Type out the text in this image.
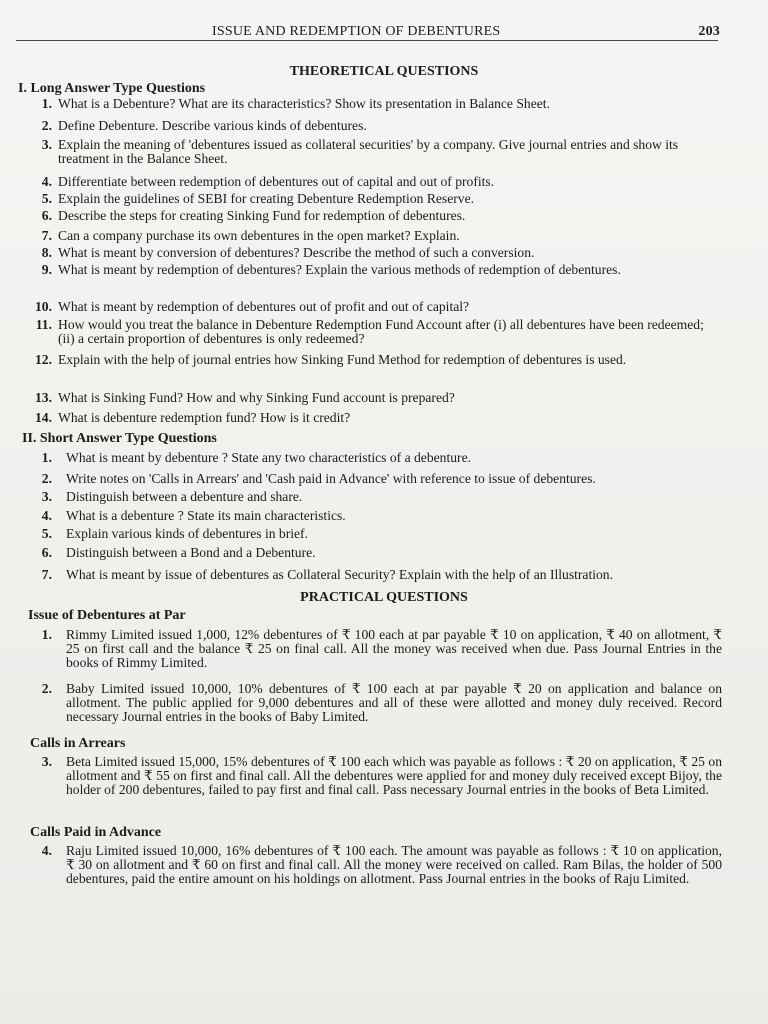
ISSUE AND REDEMPTION OF DEBENTURES	203
THEORETICAL QUESTIONS
I. Long Answer Type Questions
1. What is a Debenture? What are its characteristics? Show its presentation in Balance Sheet.
2. Define Debenture. Describe various kinds of debentures.
3. Explain the meaning of 'debentures issued as collateral securities' by a company. Give journal entries and show its treatment in the Balance Sheet.
4. Differentiate between redemption of debentures out of capital and out of profits.
5. Explain the guidelines of SEBI for creating Debenture Redemption Reserve.
6. Describe the steps for creating Sinking Fund for redemption of debentures.
7. Can a company purchase its own debentures in the open market? Explain.
8. What is meant by conversion of debentures? Describe the method of such a conversion.
9. What is meant by redemption of debentures? Explain the various methods of redemption of debentures.
10. What is meant by redemption of debentures out of profit and out of capital?
11. How would you treat the balance in Debenture Redemption Fund Account after (i) all debentures have been redeemed; (ii) a certain proportion of debentures is only redeemed?
12. Explain with the help of journal entries how Sinking Fund Method for redemption of debentures is used.
13. What is Sinking Fund? How and why Sinking Fund account is prepared?
14. What is debenture redemption fund? How is it credit?
II. Short Answer Type Questions
1. What is meant by debenture ? State any two characteristics of a debenture.
2. Write notes on 'Calls in Arrears' and 'Cash paid in Advance' with reference to issue of debentures.
3. Distinguish between a debenture and share.
4. What is a debenture ? State its main characteristics.
5. Explain various kinds of debentures in brief.
6. Distinguish between a Bond and a Debenture.
7. What is meant by issue of debentures as Collateral Security? Explain with the help of an Illustration.
PRACTICAL QUESTIONS
Issue of Debentures at Par
1. Rimmy Limited issued 1,000, 12% debentures of ₹ 100 each at par payable ₹ 10 on application, ₹ 40 on allotment, ₹ 25 on first call and the balance ₹ 25 on final call. All the money was received when due. Pass Journal Entries in the books of Rimmy Limited.
2. Baby Limited issued 10,000, 10% debentures of ₹ 100 each at par payable ₹ 20 on application and balance on allotment. The public applied for 9,000 debentures and all of these were allotted and money duly received. Record necessary Journal entries in the books of Baby Limited.
Calls in Arrears
3. Beta Limited issued 15,000, 15% debentures of ₹ 100 each which was payable as follows : ₹ 20 on application, ₹ 25 on allotment and ₹ 55 on first and final call. All the debentures were applied for and money duly received except Bijoy, the holder of 200 debentures, failed to pay first and final call. Pass necessary Journal entries in the books of Beta Limited.
Calls Paid in Advance
4. Raju Limited issued 10,000, 16% debentures of ₹ 100 each. The amount was payable as follows : ₹ 10 on application, ₹ 30 on allotment and ₹ 60 on first and final call. All the money were received on called. Ram Bilas, the holder of 500 debentures, paid the entire amount on his holdings on allotment. Pass Journal entries in the books of Raju Limited.
